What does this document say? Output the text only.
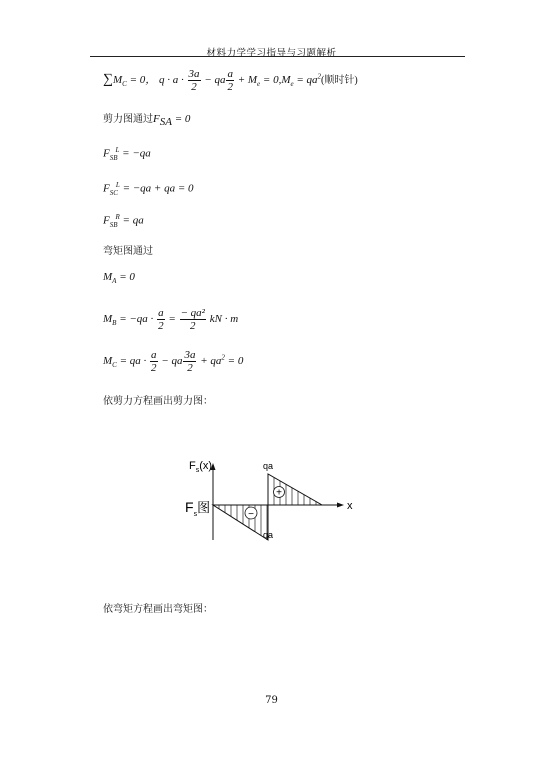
材料力学学习指导与习题解析
$\sum M_C = 0$， $q \cdot a \cdot \frac{3a}{2}$ − qa $\frac{a}{2} + M_e = 0,M_e = qa^2$(顺时针)
剪力图通过$F_{SA} = 0$
$F_{SB}^L = -qa$
$F_{SC}^L = -qa$ + qa = 0
$F_{SB}^R$ = qa
弯矩图通过
$M_A = 0$
$M_B = -qa \cdot \frac{a}{2} = \frac{\text{− qa²}}{2}$ kN · m
$M_C$ = qa · $\frac{a}{2}$ − qa $\frac{3a}{2} + qa^2 = 0$
依剪力方程画出剪力图：
+
−
$F_s(x)$
x
$F_s$图
qa
qa
依弯矩方程画出弯矩图：
79
